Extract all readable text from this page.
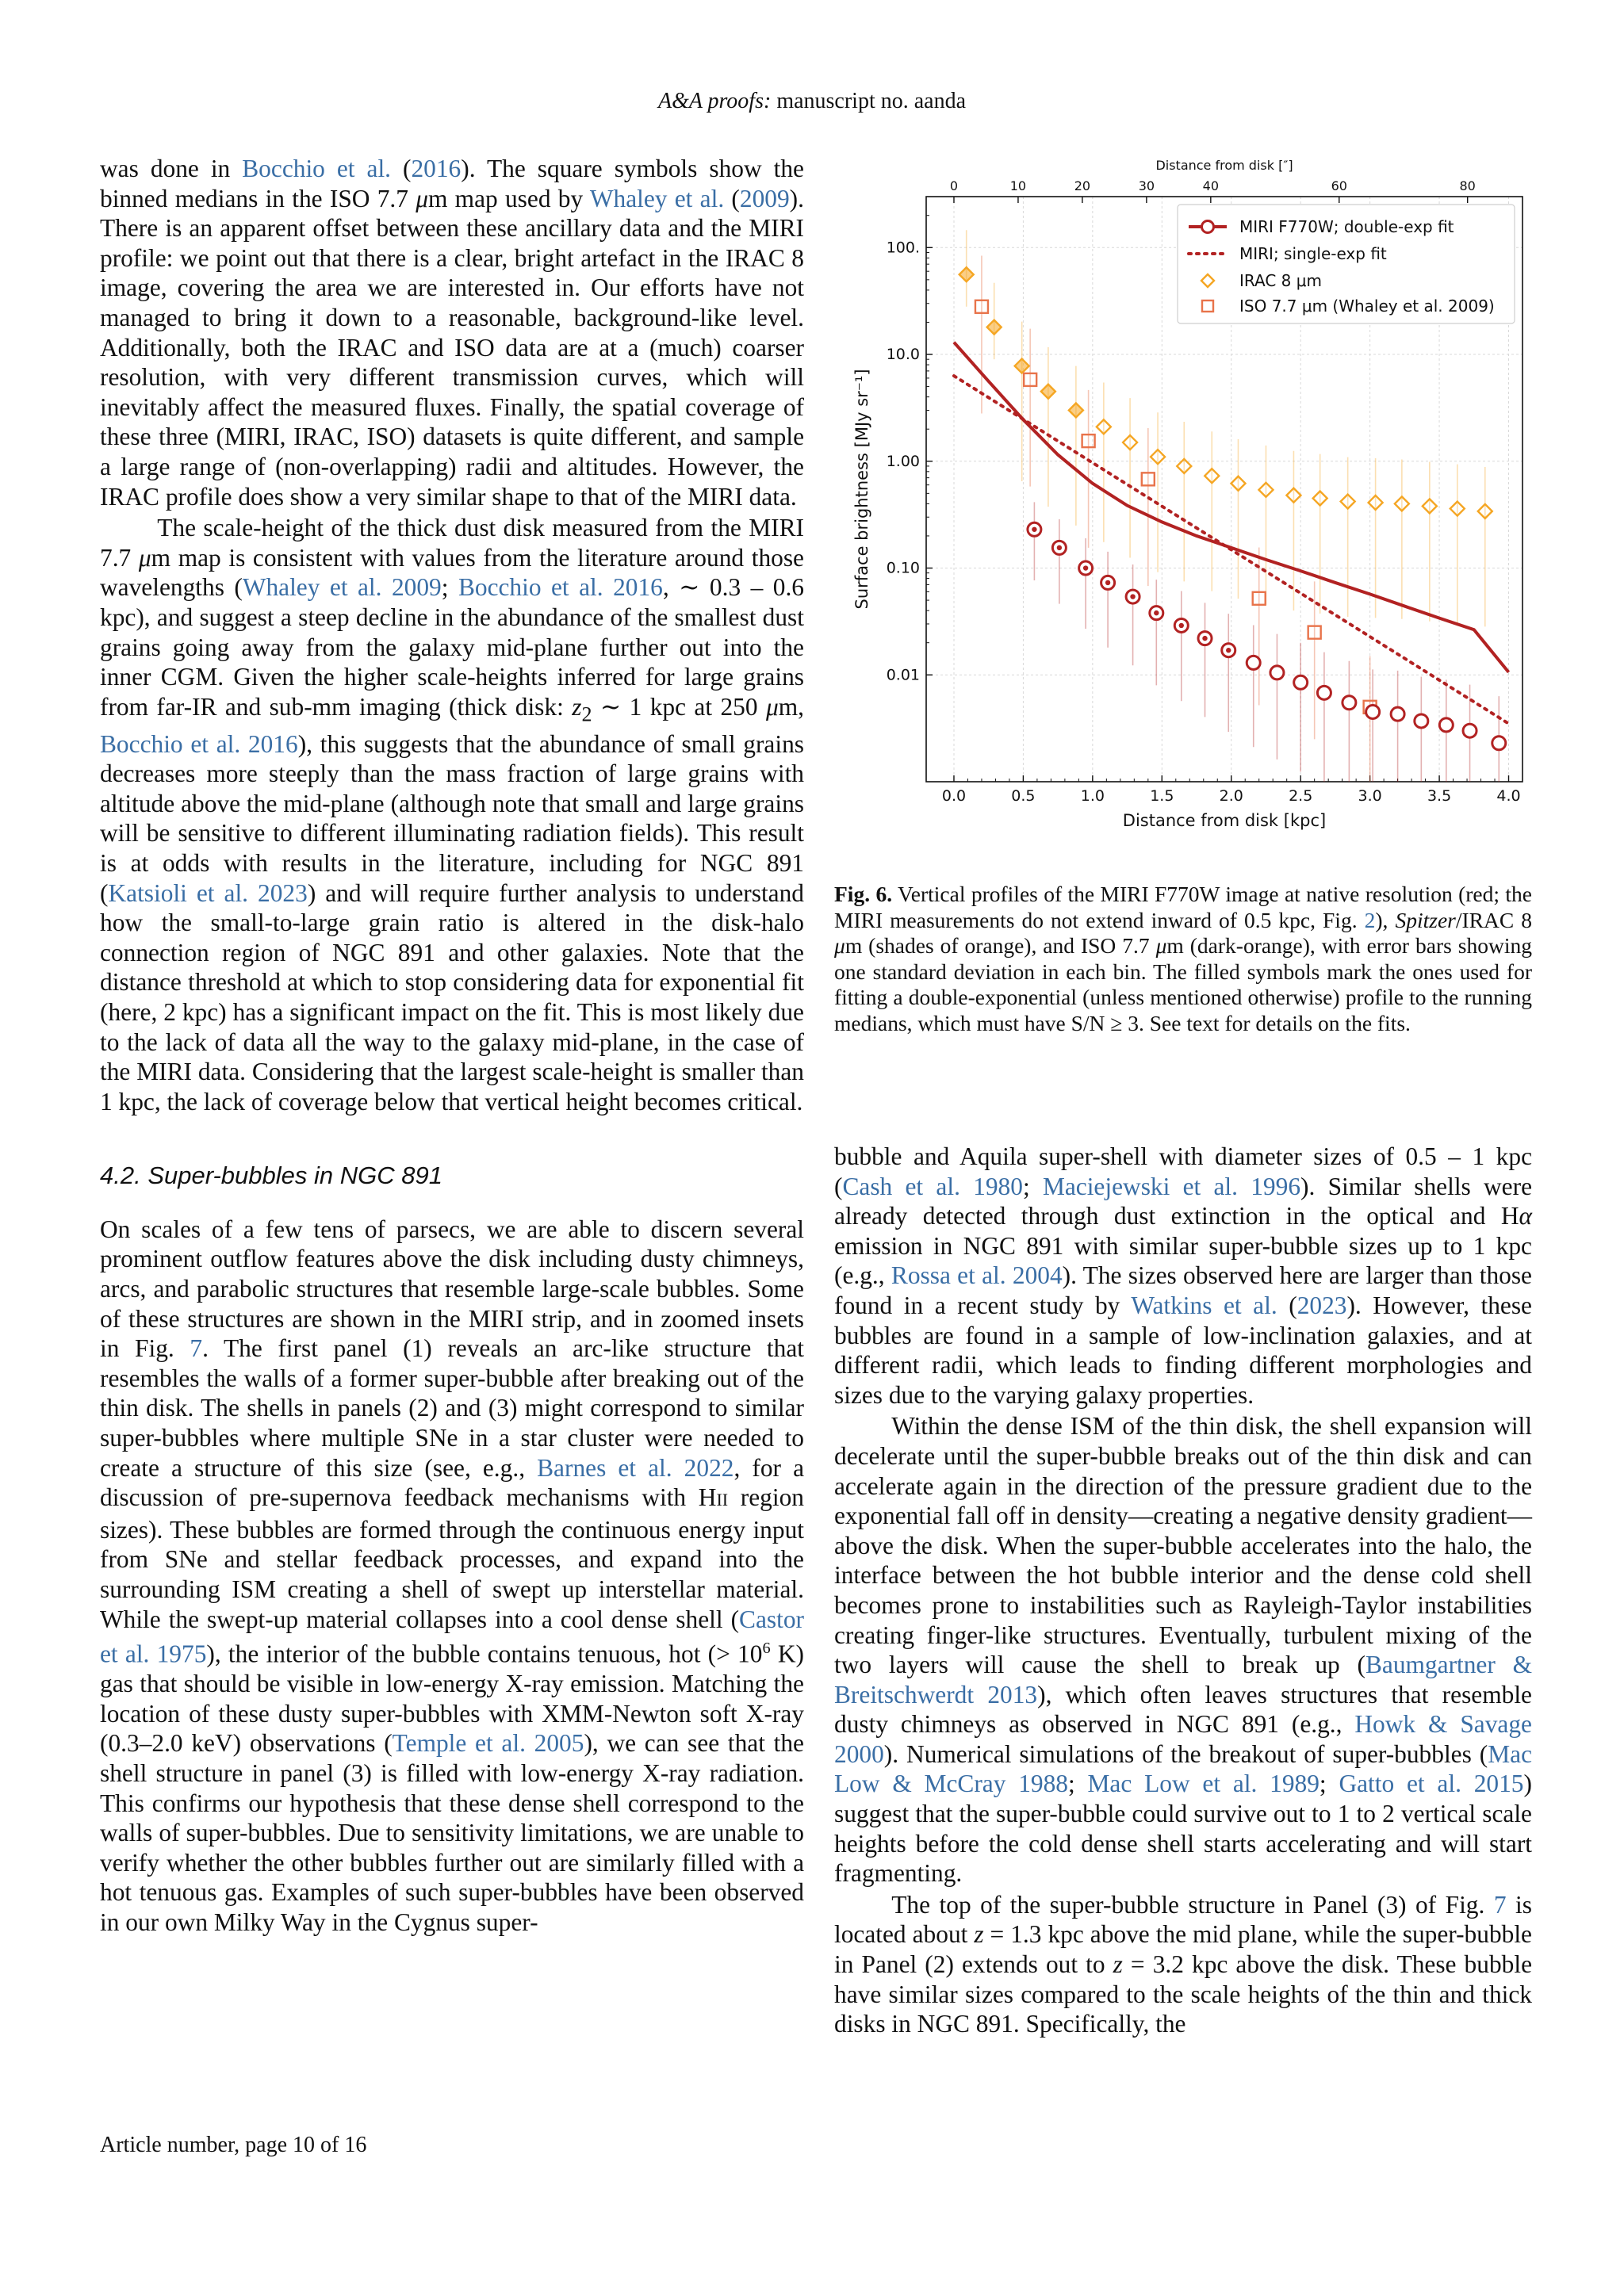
A&A proofs: manuscript no. aanda

was done in Bocchio et al. (2016). The square symbols show the binned medians in the ISO 7.7 μm map used by Whaley et al. (2009). There is an apparent offset between these ancillary data and the MIRI profile: we point out that there is a clear, bright artefact in the IRAC 8 image, covering the area we are interested in. Our efforts have not managed to bring it down to a reasonable, background-like level. Additionally, both the IRAC and ISO data are at a (much) coarser resolution, with very different transmission curves, which will inevitably affect the measured fluxes. Finally, the spatial coverage of these three (MIRI, IRAC, ISO) datasets is quite different, and sample a large range of (non-overlapping) radii and altitudes. However, the IRAC profile does show a very similar shape to that of the MIRI data.

The scale-height of the thick dust disk measured from the MIRI 7.7 μm map is consistent with values from the literature around those wavelengths (Whaley et al. 2009; Bocchio et al. 2016, ∼ 0.3 – 0.6 kpc), and suggest a steep decline in the abundance of the smallest dust grains going away from the galaxy mid-plane further out into the inner CGM. Given the higher scale-heights inferred for large grains from far-IR and sub-mm imaging (thick disk: $z_2$ ∼ 1 kpc at 250 μm, Bocchio et al. 2016), this suggests that the abundance of small grains decreases more steeply than the mass fraction of large grains with altitude above the mid-plane (although note that small and large grains will be sensitive to different illuminating radiation fields). This result is at odds with results in the literature, including for NGC 891 (Katsioli et al. 2023) and will require further analysis to understand how the small-to-large grain ratio is altered in the disk-halo connection region of NGC 891 and other galaxies. Note that the distance threshold at which to stop considering data for exponential fit (here, 2 kpc) has a significant impact on the fit. This is most likely due to the lack of data all the way to the galaxy mid-plane, in the case of the MIRI data. Considering that the largest scale-height is smaller than 1 kpc, the lack of coverage below that vertical height becomes critical.

4.2. Super-bubbles in NGC 891

On scales of a few tens of parsecs, we are able to discern several prominent outflow features above the disk including dusty chimneys, arcs, and parabolic structures that resemble large-scale bubbles. Some of these structures are shown in the MIRI strip, and in zoomed insets in Fig. 7. The first panel (1) reveals an arc-like structure that resembles the walls of a former super-bubble after breaking out of the thin disk. The shells in panels (2) and (3) might correspond to similar super-bubbles where multiple SNe in a star cluster were needed to create a structure of this size (see, e.g., Barnes et al. 2022, for a discussion of pre-supernova feedback mechanisms with HII region sizes). These bubbles are formed through the continuous energy input from SNe and stellar feedback processes, and expand into the surrounding ISM creating a shell of swept up interstellar material. While the swept-up material collapses into a cool dense shell (Castor et al. 1975), the interior of the bubble contains tenuous, hot (> $10^6$ K) gas that should be visible in low-energy X-ray emission. Matching the location of these dusty super-bubbles with XMM-Newton soft X-ray (0.3–2.0 keV) observations (Temple et al. 2005), we can see that the shell structure in panel (3) is filled with low-energy X-ray radiation. This confirms our hypothesis that these dense shell correspond to the walls of super-bubbles. Due to sensitivity limitations, we are unable to verify whether the other bubbles further out are similarly filled with a hot tenuous gas. Examples of such super-bubbles have been observed in our own Milky Way in the Cygnus super-

0.0	0.5	1.0	1.5	2.0	2.5	3.0	3.5	4.0
100.
10.0
1.00
0.10
0.01
0	10	20	30	40	60	80
Distance from disk [kpc]
Distance from disk [″]
Surface brightness [MJy sr⁻¹]
MIRI F770W; double-exp fit
MIRI; single-exp fit
IRAC 8 μm
ISO 7.7 μm (Whaley et al. 2009)
Fig. 6. Vertical profiles of the MIRI F770W image at native resolution (red; the MIRI measurements do not extend inward of 0.5 kpc, Fig. 2), Spitzer/IRAC 8 μm (shades of orange), and ISO 7.7 μm (dark-orange), with error bars showing one standard deviation in each bin. The filled symbols mark the ones used for fitting a double-exponential (unless mentioned otherwise) profile to the running medians, which must have S/N ≥ 3. See text for details on the fits.

bubble and Aquila super-shell with diameter sizes of 0.5 – 1 kpc (Cash et al. 1980; Maciejewski et al. 1996). Similar shells were already detected through dust extinction in the optical and Hα emission in NGC 891 with similar super-bubble sizes up to 1 kpc (e.g., Rossa et al. 2004). The sizes observed here are larger than those found in a recent study by Watkins et al. (2023). However, these bubbles are found in a sample of low-inclination galaxies, and at different radii, which leads to finding different morphologies and sizes due to the varying galaxy properties.

Within the dense ISM of the thin disk, the shell expansion will decelerate until the super-bubble breaks out of the thin disk and can accelerate again in the direction of the pressure gradient due to the exponential fall off in density—creating a negative density gradient—above the disk. When the super-bubble accelerates into the halo, the interface between the hot bubble interior and the dense cold shell becomes prone to instabilities such as Rayleigh-Taylor instabilities creating finger-like structures. Eventually, turbulent mixing of the two layers will cause the shell to break up (Baumgartner & Breitschwerdt 2013), which often leaves structures that resemble dusty chimneys as observed in NGC 891 (e.g., Howk & Savage 2000). Numerical simulations of the breakout of super-bubbles (Mac Low & McCray 1988; Mac Low et al. 1989; Gatto et al. 2015) suggest that the super-bubble could survive out to 1 to 2 vertical scale heights before the cold dense shell starts accelerating and will start fragmenting.

The top of the super-bubble structure in Panel (3) of Fig. 7 is located about z = 1.3 kpc above the mid plane, while the super-bubble in Panel (2) extends out to z = 3.2 kpc above the disk. These bubble have similar sizes compared to the scale heights of the thin and thick disks in NGC 891. Specifically, the

Article number, page 10 of 16
